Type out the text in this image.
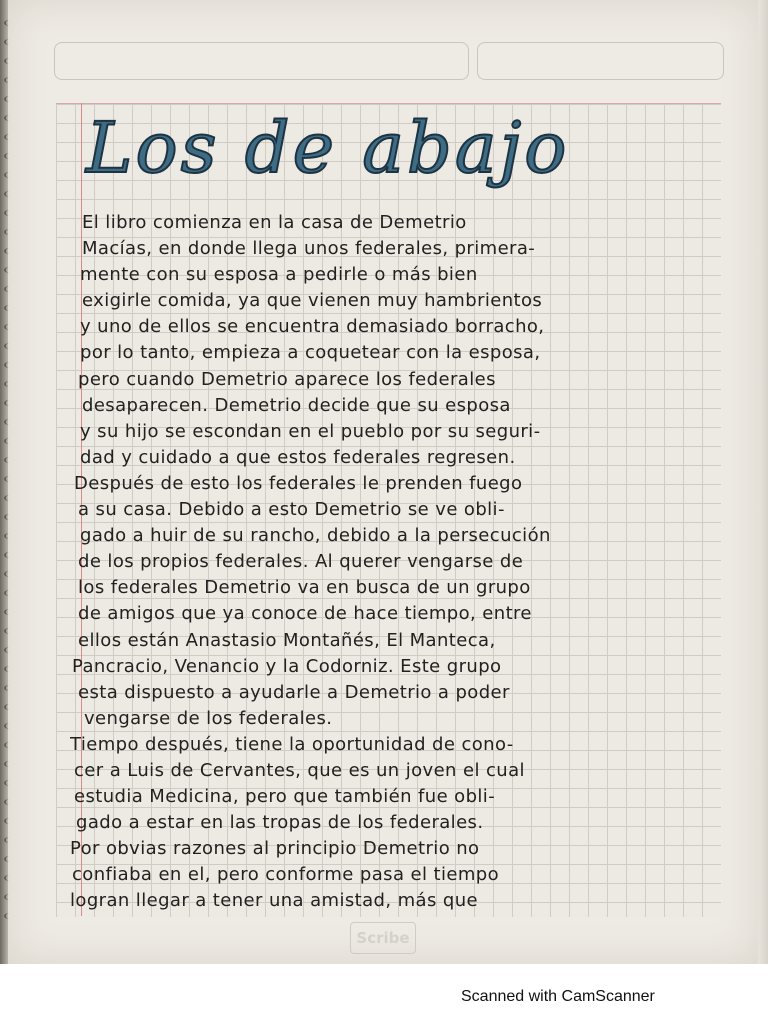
Los de abajo
El libro comienza en la casa de Demetrio
Macías, en donde llega unos federales, primera-
mente con su esposa a pedirle o más bien
exigirle comida, ya que vienen muy hambrientos
y uno de ellos se encuentra demasiado borracho,
por lo tanto, empieza a coquetear con la esposa,
pero cuando Demetrio aparece los federales
desaparecen. Demetrio decide que su esposa
y su hijo se escondan en el pueblo por su seguri-
dad y cuidado a que estos federales regresen.
Después de esto los federales le prenden fuego
a su casa. Debido a esto Demetrio se ve obli-
gado a huir de su rancho, debido a la persecución
de los propios federales. Al querer vengarse de
los federales Demetrio va en busca de un grupo
de amigos que ya conoce de hace tiempo, entre
ellos están Anastasio Montañés, El Manteca,
Pancracio, Venancio y la Codorniz. Este grupo
esta dispuesto a ayudarle a Demetrio a poder
vengarse de los federales.
Tiempo después, tiene la oportunidad de cono-
cer a Luis de Cervantes, que es un joven el cual
estudia Medicina, pero que también fue obli-
gado a estar en las tropas de los federales.
Por obvias razones al principio Demetrio no
confiaba en el, pero conforme pasa el tiempo
logran llegar a tener una amistad, más que
Scribe
Scanned with CamScanner
